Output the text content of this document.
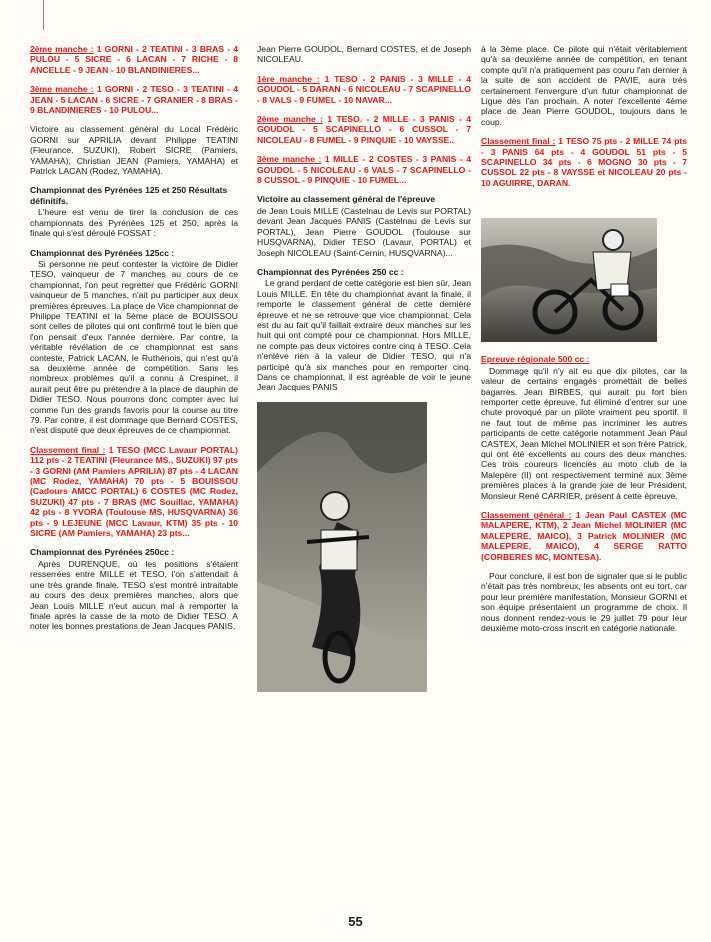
2ème manche : 1 GORNI - 2 TEATINI - 3 BRAS - 4 PULOU - 5 SICRE - 6 LACAN - 7 RICHE - 8 ANCELLE - 9 JEAN - 10 BLANDINIERES...

3ème manche : 1 GORNI - 2 TESO - 3 TEATINI - 4 JEAN - 5 LACAN - 6 SICRE - 7 GRANIER - 8 BRAS - 9 BLANDINIERES - 10 PULOU...

Victoire au classement général du Local Frédéric GORNI sur APRILIA devant Philippe TEATINI (Fleurance, SUZUKI), Robert SICRE (Pamiers, YAMAHA), Christian JEAN (Pamiers, YAMAHA) et Patrick LACAN (Rodez, YAMAHA).

Championnat des Pyrénées 125 et 250 Résultats définitifs.

L'heure est venu de tirer la conclusion de ces championnats des Pyrénées 125 et 250, après la finale qui s'est déroulé FOSSAT :

Championnat des Pyrénées 125cc :

Si personne ne peut contester la victoire de Didier TESO, vainqueur de 7 manches au cours de ce championnat, l'on peut regretter que Frédéric GORNI vainqueur de 5 manches, n'ait pu participer aux deux premières épreuves. La place de Vice championnat de Philippe TEATINI et la 5ème place de BOUISSOU sont celles de pilotes qui ont confirmé tout le bien que l'on pensait d'eux l'année dernière. Par contre, la véritable révélation de ce championnat est sans conteste, Patrick LACAN, le Ruthénois, qui n'est qu'à sa deuxième année de compétition. Sans les nombreux problèmes qu'il a connu à Crespinet, il aurait peut être pu prétendre à la place de dauphin de Didier TESO. Nous pourrons donc compter avec lui comme l'un des grands favoris pour la course au titre 79. Par contre, il est dommage que Bernard COSTES, n'est disputé que deux épreuves de ce championnat.

Classement final : 1 TESO (MCC Lavaur PORTAL) 112 pts - 2 TEATINI (Fleurance MS., SUZUKI) 97 pts - 3 GORNI (AM Pamiers APRILIA) 87 pts - 4 LACAN (MC Rodez, YAMAHA) 70 pts - 5 BOUISSOU (Cadours AMCC PORTAL) 6 COSTES (MC Rodez, SUZUKI) 47 pts - 7 BRAS (MC Souillac, YAMAHA) 42 pts - 8 YVORA (Toulouse MS, HUSQVARNA) 36 pts - 9 LEJEUNE (MCC Lavaur, KTM) 35 pts - 10 SICRE (AM Pamiers, YAMAHA) 23 pts...

Championnat des Pyrénées 250cc :

Après DURENQUE, où les positions s'étaient resserrées entre MILLE et TESO, l'on s'attendait à une très grande finale. TESO s'est montré intraitable au cours des deux premières manches, alors que Jean Louis MILLE n'eut aucun mal à remporter la finale après la casse de la moto de Didier TESO. A noter les bonnes prestations de Jean Jacques PANIS,

Jean Pierre GOUDOL, Bernard COSTES, et de Joseph NICOLEAU.

1ère manche : 1 TESO - 2 PANIS - 3 MILLE - 4 GOUDOL - 5 DARAN - 6 NICOLEAU - 7 SCAPINELLO - 8 VALS - 9 FUMEL - 10 NAVAR...

2ème manche : 1 TESO. - 2 MILLE - 3 PANIS - 4 GOUDOL - 5 SCAPINELLO - 6 CUSSOL - 7 NICOLEAU - 8 FUMEL - 9 PINQUIE - 10 VAYSSE..

3ème manche : 1 MILLE - 2 COSTES - 3 PANIS - 4 GOUDOL - 5 NICOLEAU - 6 VALS - 7 SCAPINELLO - 8 CUSSOL - 9 PINQUIE - 10 FUMEL...

Victoire au classement général de l'épreuve

de Jean Louis MILLE (Castelnau de Levis sur PORTAL) devant Jean Jacques PANIS (Castelnau de Levis sur PORTAL), Jean Pierre GOUDOL (Toulouse sur HUSQVARNA), Didier TESO (Lavaur, PORTAL) et Joseph NICOLEAU (Saint-Cernin, HUSQVARNA)...

Championnat des Pyrénées 250 cc :

Le grand perdant de cette catégorie est bien sûr, Jean Louis MILLE. En tête du championnat avant la finale, il remporte le classement général de cette dernière épreuve et ne se retrouve que vice championnat. Cela est du au fait qu'il faillait extraire deux manches sur les huit qui ont compté pour ce championnat. Hors MILLE, ne compte pas deux victoires contre cinq à TESO. Cela n'enlève rien à la valeur de Didier TESO, qui n'a participé qu'à six manches pour en remporter cinq. Dans ce championnat, il est agréable de voir le jeune Jean Jacques PANIS

à la 3ème place. Ce pilote qui n'était véritablement qu'à sa deuxième année de compétition, en tenant compte qu'il n'a pratiquement pas couru l'an dernier à la suite de son accident de PAVIE, aura très certainement l'envergure d'un futur championnat de Ligue dès l'an prochain. A noter l'excellente 4ème place de Jean Pierre GOUDOL, toujours dans le coup.

Classement final : 1 TESO 75 pts - 2 MILLE 74 pts - 3 PANIS 64 pts - 4 GOUDOL 51 pts - 5 SCAPINELLO 34 pts - 6 MOGNO 30 pts - 7 CUSSOL 22 pts - 8 VAYSSE et NICOLEAU 20 pts - 10 AGUIRRE, DARAN.

Epreuve régionale 500 cc :

Dommage qu'il n'y ait eu que dix pilotes, car la valeur de certains engagés promettait de belles bagarres. Jean BIRBES, qui aurait pu fort bien remporter cette épreuve, fut éliminé d'entrer sur une chute provoqué par un pilote vraiment peu sportif. Il ne faut tout de même pas incriminer les autres participants de cette catégorie notamment Jean Paul CASTEX, Jean Michel MOLINIER et son frère Patrick, qui ont été excellents au cours des deux manches. Ces trois coureurs licenciés au moto club de la Malepère (II) ont respectivement terminé aux 3ème premières places à la grande joie de leur Président, Monsieur René CARRIER, présent à cette épreuve.

Classement général : 1 Jean Paul CASTEX (MC MALAPERE, KTM), 2 Jean Michel MOLINIER (MC MALEPERE, MAICO), 3 Patrick MOLINIER (MC MALEPERE, MAICO), 4 SERGE RATTO (CORBERES MC, MONTESA).

Pour conclure, il est bon de signaler que si le public n'était pas très nombreux, les absents ont eu tort, car pour leur première manifestation, Monsieur GORNI et son équipe présentaient un programme de choix. Il nous donnent rendez-vous le 29 juillet 79 pour leur deuxième moto-cross inscrit en catégorie nationale.

55
